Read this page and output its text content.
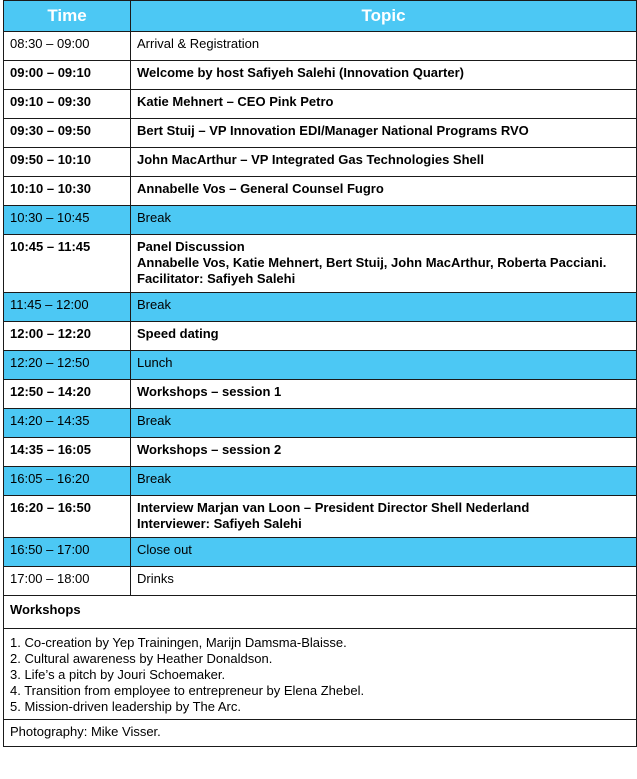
Time	Topic
08:30 – 09:00	Arrival & Registration

09:00 – 09:10	Welcome by host Safiyeh Salehi (Innovation Quarter)

09:10 – 09:30	Katie Mehnert – CEO Pink Petro

09:30 – 09:50	Bert Stuij – VP Innovation EDI/Manager National Programs RVO

09:50 – 10:10	John MacArthur – VP Integrated Gas Technologies Shell

10:10 – 10:30	Annabelle Vos – General Counsel Fugro

10:30 – 10:45	Break

10:45 – 11:45	Panel Discussion
Annabelle Vos, Katie Mehnert, Bert Stuij, John MacArthur, Roberta Pacciani.
Facilitator: Safiyeh Salehi

11:45 – 12:00	Break

12:00 – 12:20	Speed dating

12:20 – 12:50	Lunch

12:50 – 14:20	Workshops – session 1

14:20 – 14:35	Break

14:35 – 16:05	Workshops – session 2

16:05 – 16:20	Break

16:20 – 16:50	Interview Marjan van Loon – President Director Shell Nederland
Interviewer: Safiyeh Salehi

16:50 – 17:00	Close out

17:00 – 18:00	Drinks

Workshops	

1. Co-creation by Yep Trainingen, Marijn Damsma-Blaisse.
2. Cultural awareness by Heather Donaldson.
3. Life’s a pitch by Jouri Schoemaker.
4. Transition from employee to entrepreneur by Elena Zhebel.
5. Mission-driven leadership by The Arc.	

Photography: Mike Visser.	
